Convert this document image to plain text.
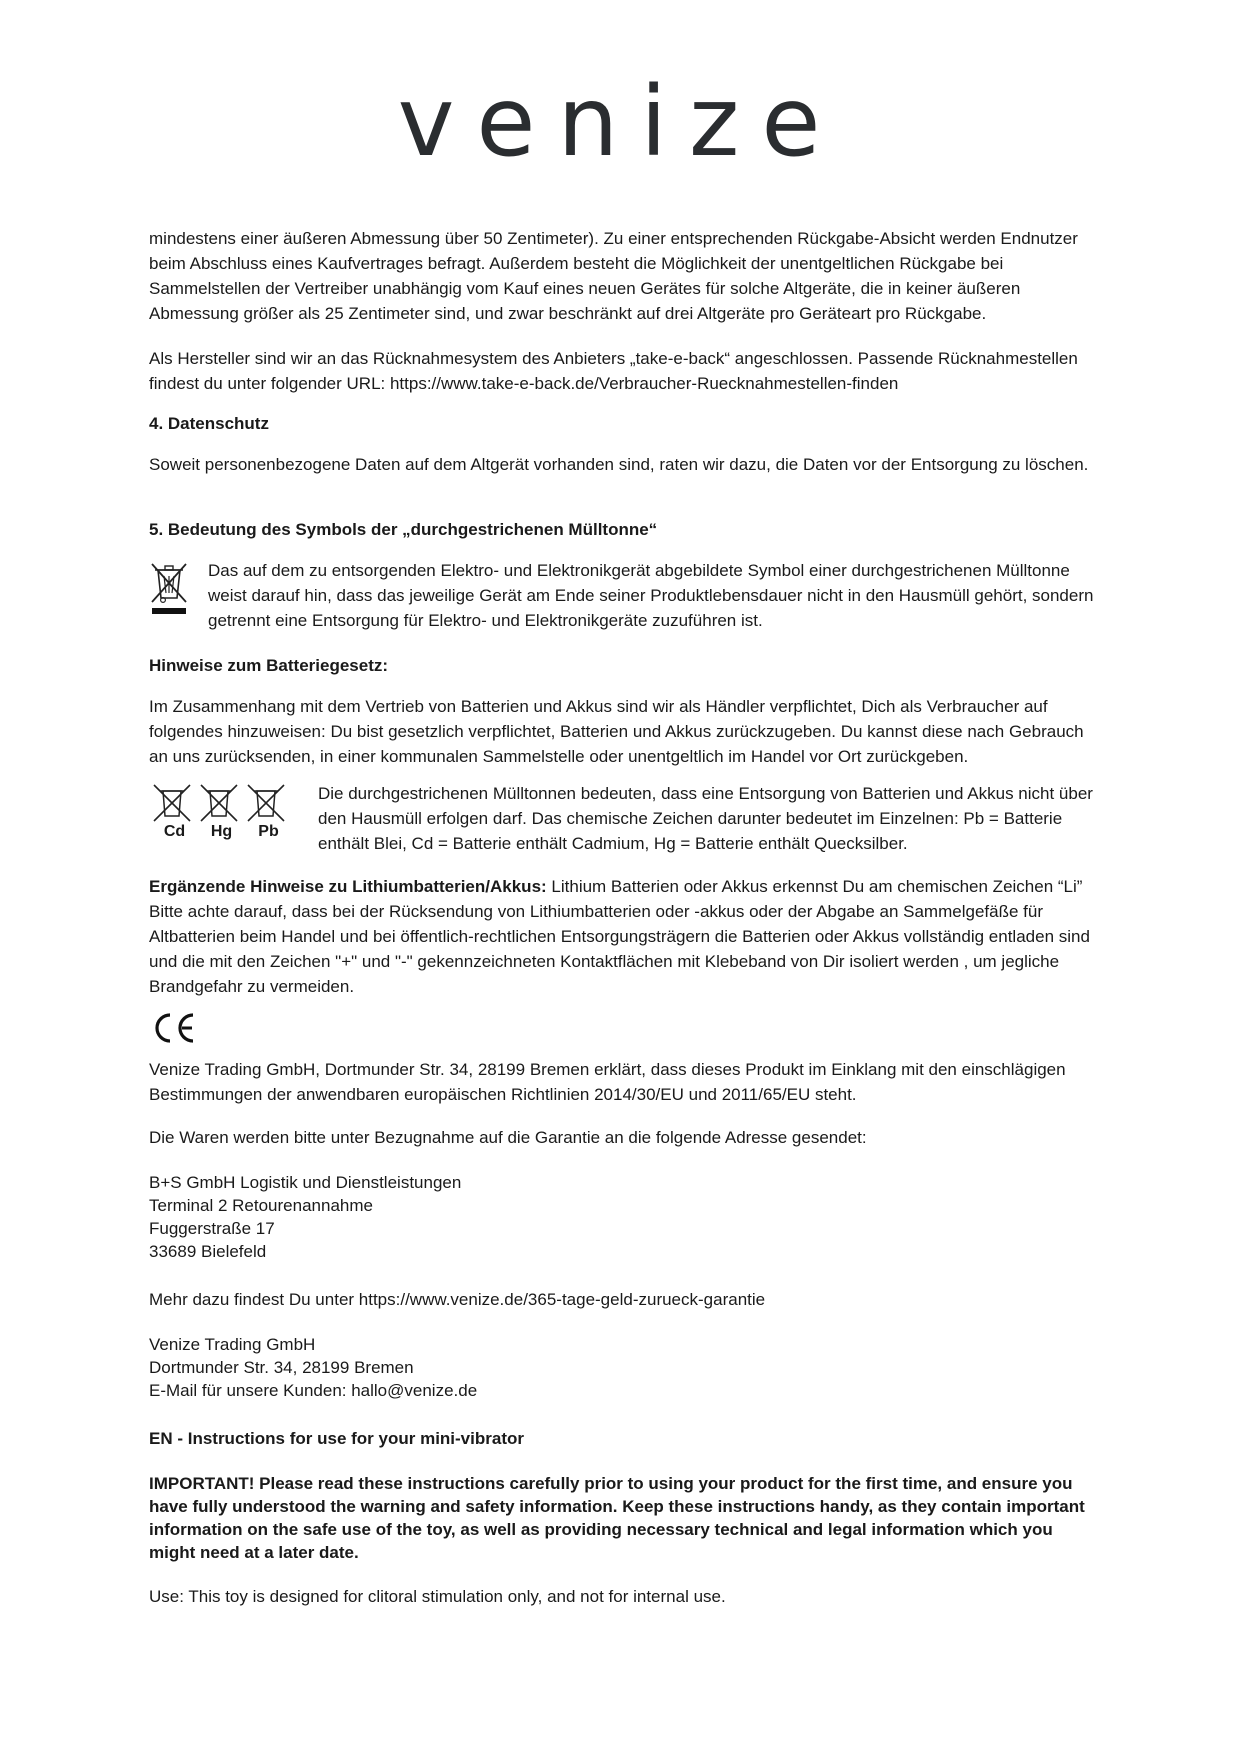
venize
mindestens einer äußeren Abmessung über 50 Zentimeter). Zu einer entsprechenden Rückgabe-Absicht werden Endnutzer beim Abschluss eines Kaufvertrages befragt. Außerdem besteht die Möglichkeit der unentgeltlichen Rückgabe bei Sammelstellen der Vertreiber unabhängig vom Kauf eines neuen Gerätes für solche Altgeräte, die in keiner äußeren Abmessung größer als 25 Zentimeter sind, und zwar beschränkt auf drei Altgeräte pro Geräteart pro Rückgabe.
Als Hersteller sind wir an das Rücknahmesystem des Anbieters „take-e-back“ angeschlossen. Passende Rücknahmestellen findest du unter folgender URL: https://www.take-e-back.de/Verbraucher-Ruecknahmestellen-finden
4. Datenschutz
Soweit personenbezogene Daten auf dem Altgerät vorhanden sind, raten wir dazu, die Daten vor der Entsorgung zu löschen.
5. Bedeutung des Symbols der „durchgestrichenen Mülltonne“
Das auf dem zu entsorgenden Elektro- und Elektronikgerät abgebildete Symbol einer durchgestrichenen Mülltonne weist darauf hin, dass das jeweilige Gerät am Ende seiner Produktlebensdauer nicht in den Hausmüll gehört, sondern getrennt eine Entsorgung für Elektro- und Elektronikgeräte zuzuführen ist.
Hinweise zum Batteriegesetz:
Im Zusammenhang mit dem Vertrieb von Batterien und Akkus sind wir als Händler verpflichtet, Dich als Verbraucher auf folgendes hinzuweisen: Du bist gesetzlich verpflichtet, Batterien und Akkus zurückzugeben. Du kannst diese nach Gebrauch an uns zurücksenden, in einer kommunalen Sammelstelle oder unentgeltlich im Handel vor Ort zurückgeben.
Cd	Hg	Pb
Die durchgestrichenen Mülltonnen bedeuten, dass eine Entsorgung von Batterien und Akkus nicht über den Hausmüll erfolgen darf. Das chemische Zeichen darunter bedeutet im Einzelnen: Pb = Batterie enthält Blei, Cd = Batterie enthält Cadmium, Hg = Batterie enthält Quecksilber.
Ergänzende Hinweise zu Lithiumbatterien/Akkus: Lithium Batterien oder Akkus erkennst Du am chemischen Zeichen “Li” Bitte achte darauf, dass bei der Rücksendung von Lithiumbatterien oder -akkus oder der Abgabe an Sammelgefäße für Altbatterien beim Handel und bei öffentlich-rechtlichen Entsorgungsträgern die Batterien oder Akkus vollständig entladen sind und die mit den Zeichen "+" und "-" gekennzeichneten Kontaktflächen mit Klebeband von Dir isoliert werden , um jegliche Brandgefahr zu vermeiden.
Venize Trading GmbH, Dortmunder Str. 34, 28199 Bremen erklärt, dass dieses Produkt im Einklang mit den einschlägigen Bestimmungen der anwendbaren europäischen Richtlinien 2014/30/EU und 2011/65/EU steht.
Die Waren werden bitte unter Bezugnahme auf die Garantie an die folgende Adresse gesendet:
B+S GmbH Logistik und Dienstleistungen
Terminal 2 Retourenannahme
Fuggerstraße 17
33689 Bielefeld
Mehr dazu findest Du unter https://www.venize.de/365-tage-geld-zurueck-garantie
Venize Trading GmbH
Dortmunder Str. 34, 28199 Bremen
E-Mail für unsere Kunden: hallo@venize.de
EN - Instructions for use for your mini-vibrator
IMPORTANT! Please read these instructions carefully prior to using your product for the first time, and ensure you have fully understood the warning and safety information. Keep these instructions handy, as they contain important information on the safe use of the toy, as well as providing necessary technical and legal information which you might need at a later date.
Use: This toy is designed for clitoral stimulation only, and not for internal use.
